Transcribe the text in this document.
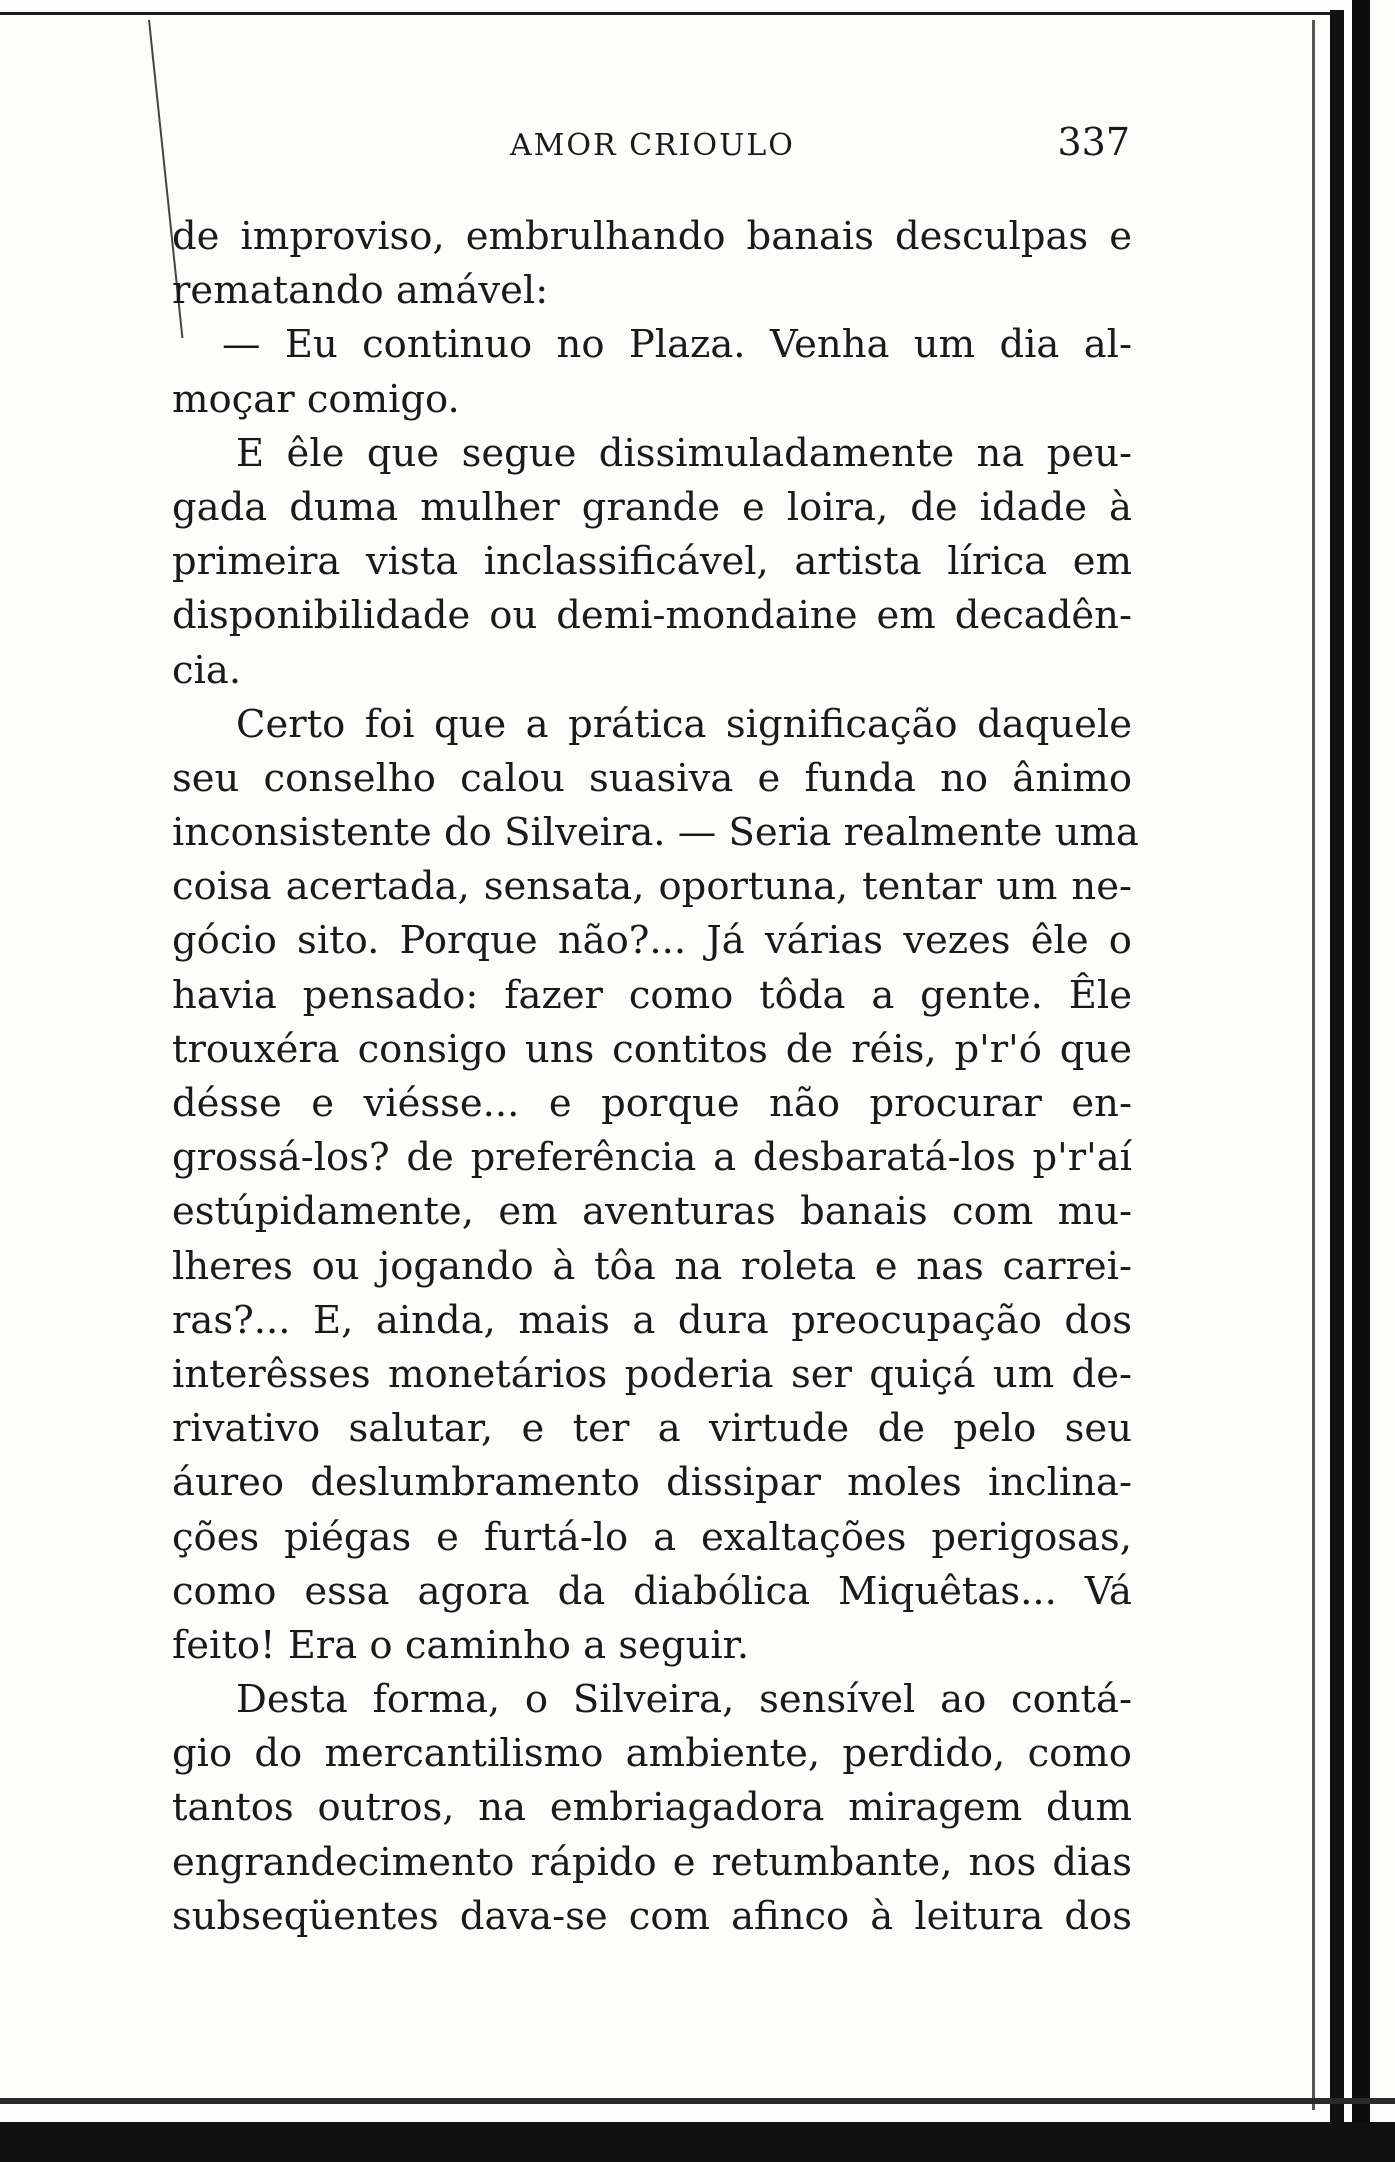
AMOR CRIOULO	337
de improviso, embrulhando banais desculpas e
rematando amável:
— Eu continuo no Plaza. Venha um dia al-
moçar comigo.
E êle que segue dissimuladamente na peu-
gada duma mulher grande e loira, de idade à
primeira vista inclassificável, artista lírica em
disponibilidade ou demi-mondaine em decadên-
cia.
Certo foi que a prática significação daquele
seu conselho calou suasiva e funda no ânimo
inconsistente do Silveira. — Seria realmente uma
coisa acertada, sensata, oportuna, tentar um ne-
gócio sito. Porque não?... Já várias vezes êle o
havia pensado: fazer como tôda a gente. Êle
trouxéra consigo uns contitos de réis, p'r'ó que
désse e viésse... e porque não procurar en-
grossá-los? de preferência a desbaratá-los p'r'aí
estúpidamente, em aventuras banais com mu-
lheres ou jogando à tôa na roleta e nas carrei-
ras?... E, ainda, mais a dura preocupação dos
interêsses monetários poderia ser quiçá um de-
rivativo salutar, e ter a virtude de pelo seu
áureo deslumbramento dissipar moles inclina-
ções piégas e furtá-lo a exaltações perigosas,
como essa agora da diabólica Miquêtas... Vá
feito! Era o caminho a seguir.
Desta forma, o Silveira, sensível ao contá-
gio do mercantilismo ambiente, perdido, como
tantos outros, na embriagadora miragem dum
engrandecimento rápido e retumbante, nos dias
subseqüentes dava-se com afinco à leitura dos
